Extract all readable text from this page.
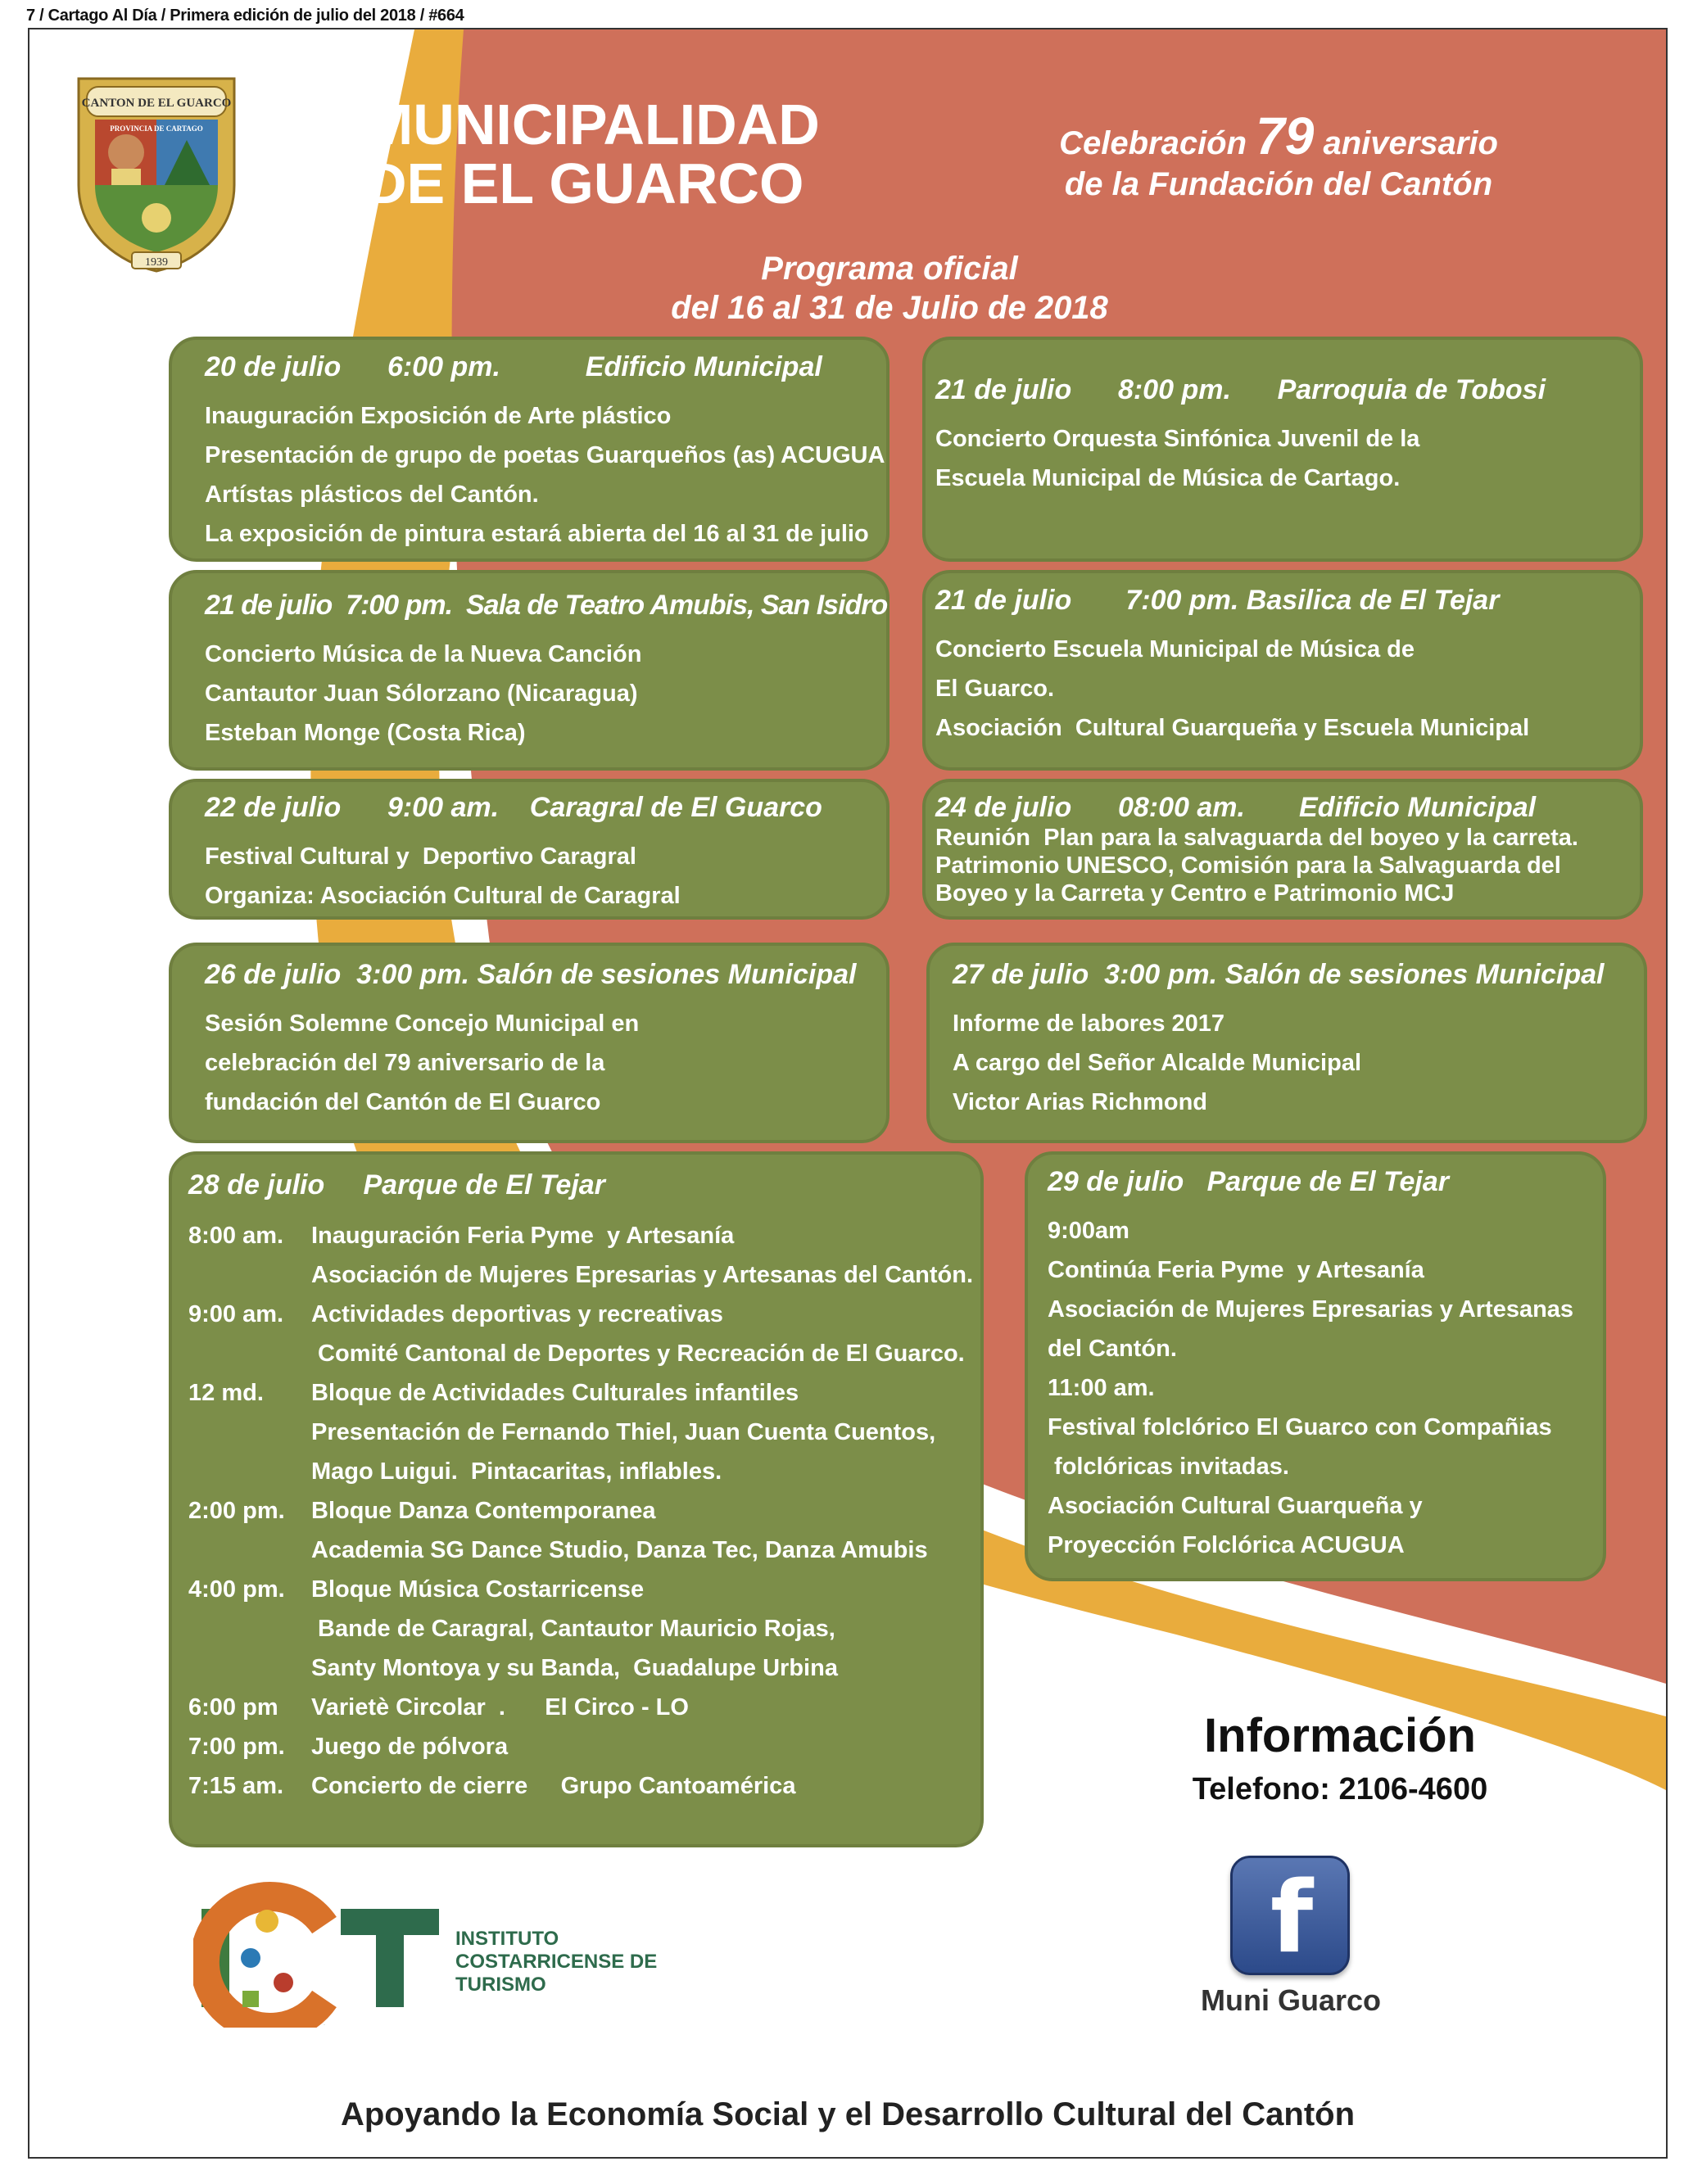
7 / Cartago Al Día / Primera edición de julio del 2018 / #664
CANTON DE EL GUARCO
PROVINCIA DE CARTAGO
1939
MUNICIPALIDAD
DE EL GUARCO
Celebración 79 aniversario
de la Fundación del Cantón
Programa oficial
del 16 al 31 de Julio de 2018
20 de julio      6:00 pm.           Edificio Municipal
Inauguración Exposición de Arte plástico
Presentación de grupo de poetas Guarqueños (as) ACUGUA
Artístas plásticos del Cantón.
La exposición de pintura estará abierta del 16 al 31 de julio
21 de julio      8:00 pm.      Parroquia de Tobosi
Concierto Orquesta Sinfónica Juvenil de la
Escuela Municipal de Música de Cartago.
21 de julio  7:00 pm.  Sala de Teatro Amubis, San Isidro
Concierto Música de la Nueva Canción
Cantautor Juan Sólorzano (Nicaragua)
Esteban Monge (Costa Rica)
21 de julio       7:00 pm. Basilica de El Tejar
Concierto Escuela Municipal de Música de
El Guarco.
Asociación  Cultural Guarqueña y Escuela Municipal
22 de julio      9:00 am.    Caragral de El Guarco
Festival Cultural y  Deportivo Caragral
Organiza: Asociación Cultural de Caragral
24 de julio      08:00 am.       Edificio Municipal
Reunión  Plan para la salvaguarda del boyeo y la carreta.
Patrimonio UNESCO, Comisión para la Salvaguarda del
Boyeo y la Carreta y Centro e Patrimonio MCJ
26 de julio  3:00 pm. Salón de sesiones Municipal
Sesión Solemne Concejo Municipal en
celebración del 79 aniversario de la
fundación del Cantón de El Guarco
27 de julio  3:00 pm. Salón de sesiones Municipal
Informe de labores 2017
A cargo del Señor Alcalde Municipal
Victor Arias Richmond
28 de julio     Parque de El Tejar
8:00 am.	Inauguración Feria Pyme  y Artesanía
Asociación de Mujeres Epresarias y Artesanas del Cantón.
9:00 am.	Actividades deportivas y recreativas
Comité Cantonal de Deportes y Recreación de El Guarco.
12 md.	Bloque de Actividades Culturales infantiles
Presentación de Fernando Thiel, Juan Cuenta Cuentos,
Mago Luigui.  Pintacaritas, inflables.
2:00 pm.	Bloque Danza Contemporanea
Academia SG Dance Studio, Danza Tec, Danza Amubis
4:00 pm.	Bloque Música Costarricense
Bande de Caragral, Cantautor Mauricio Rojas,
Santy Montoya y su Banda,  Guadalupe Urbina
6:00 pm	Varietè Circolar  .      El Circo - LO
7:00 pm.	Juego de pólvora
7:15 am.	Concierto de cierre     Grupo Cantoamérica
29 de julio   Parque de El Tejar
9:00am
Continúa Feria Pyme  y Artesanía
Asociación de Mujeres Epresarias y Artesanas
del Cantón.
11:00 am.
Festival folclórico El Guarco con Compañias
folclóricas invitadas.
Asociación Cultural Guarqueña y
Proyección Folclórica ACUGUA
Información
Telefono: 2106-4600
ICT
INSTITUTO
COSTARRICENSE DE
TURISMO
f
Muni Guarco
Apoyando la Economía Social y el Desarrollo Cultural del Cantón
